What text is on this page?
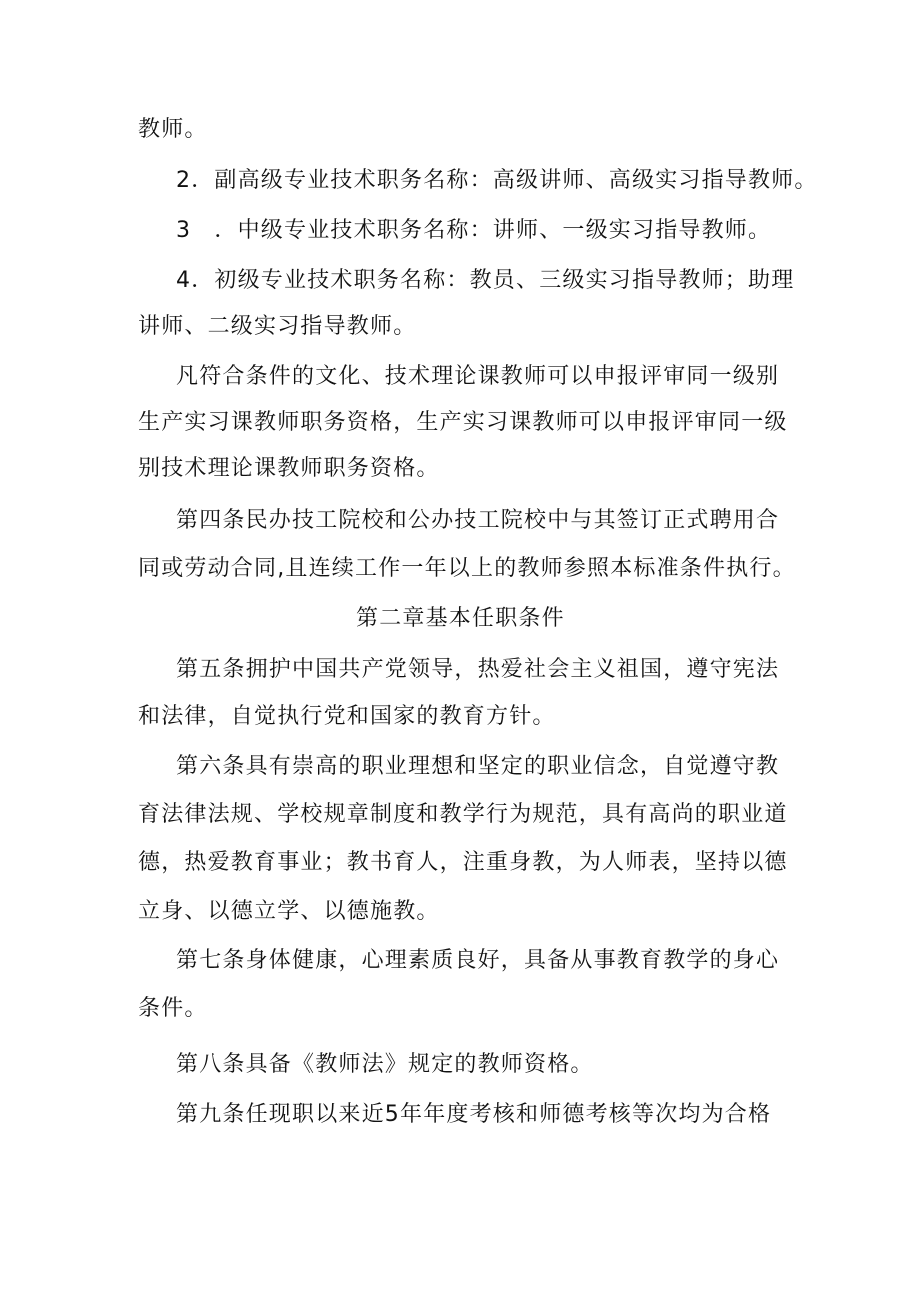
教师。
2．副高级专业技术职务名称：高级讲师、高级实习指导教师。
3　．中级专业技术职务名称：讲师、一级实习指导教师。
4．初级专业技术职务名称：教员、三级实习指导教师；助理
讲师、二级实习指导教师。
凡符合条件的文化、技术理论课教师可以申报评审同一级别
生产实习课教师职务资格，生产实习课教师可以申报评审同一级
别技术理论课教师职务资格。
第四条民办技工院校和公办技工院校中与其签订正式聘用合
同或劳动合同,且连续工作一年以上的教师参照本标准条件执行。
第二章基本任职条件
第五条拥护中国共产党领导，热爱社会主义祖国，遵守宪法
和法律，自觉执行党和国家的教育方针。
第六条具有崇高的职业理想和坚定的职业信念，自觉遵守教
育法律法规、学校规章制度和教学行为规范，具有高尚的职业道
德，热爱教育事业；教书育人，注重身教，为人师表，坚持以德
立身、以德立学、以德施教。
第七条身体健康，心理素质良好，具备从事教育教学的身心
条件。
第八条具备《教师法》规定的教师资格。
第九条任现职以来近5年年度考核和师德考核等次均为合格
